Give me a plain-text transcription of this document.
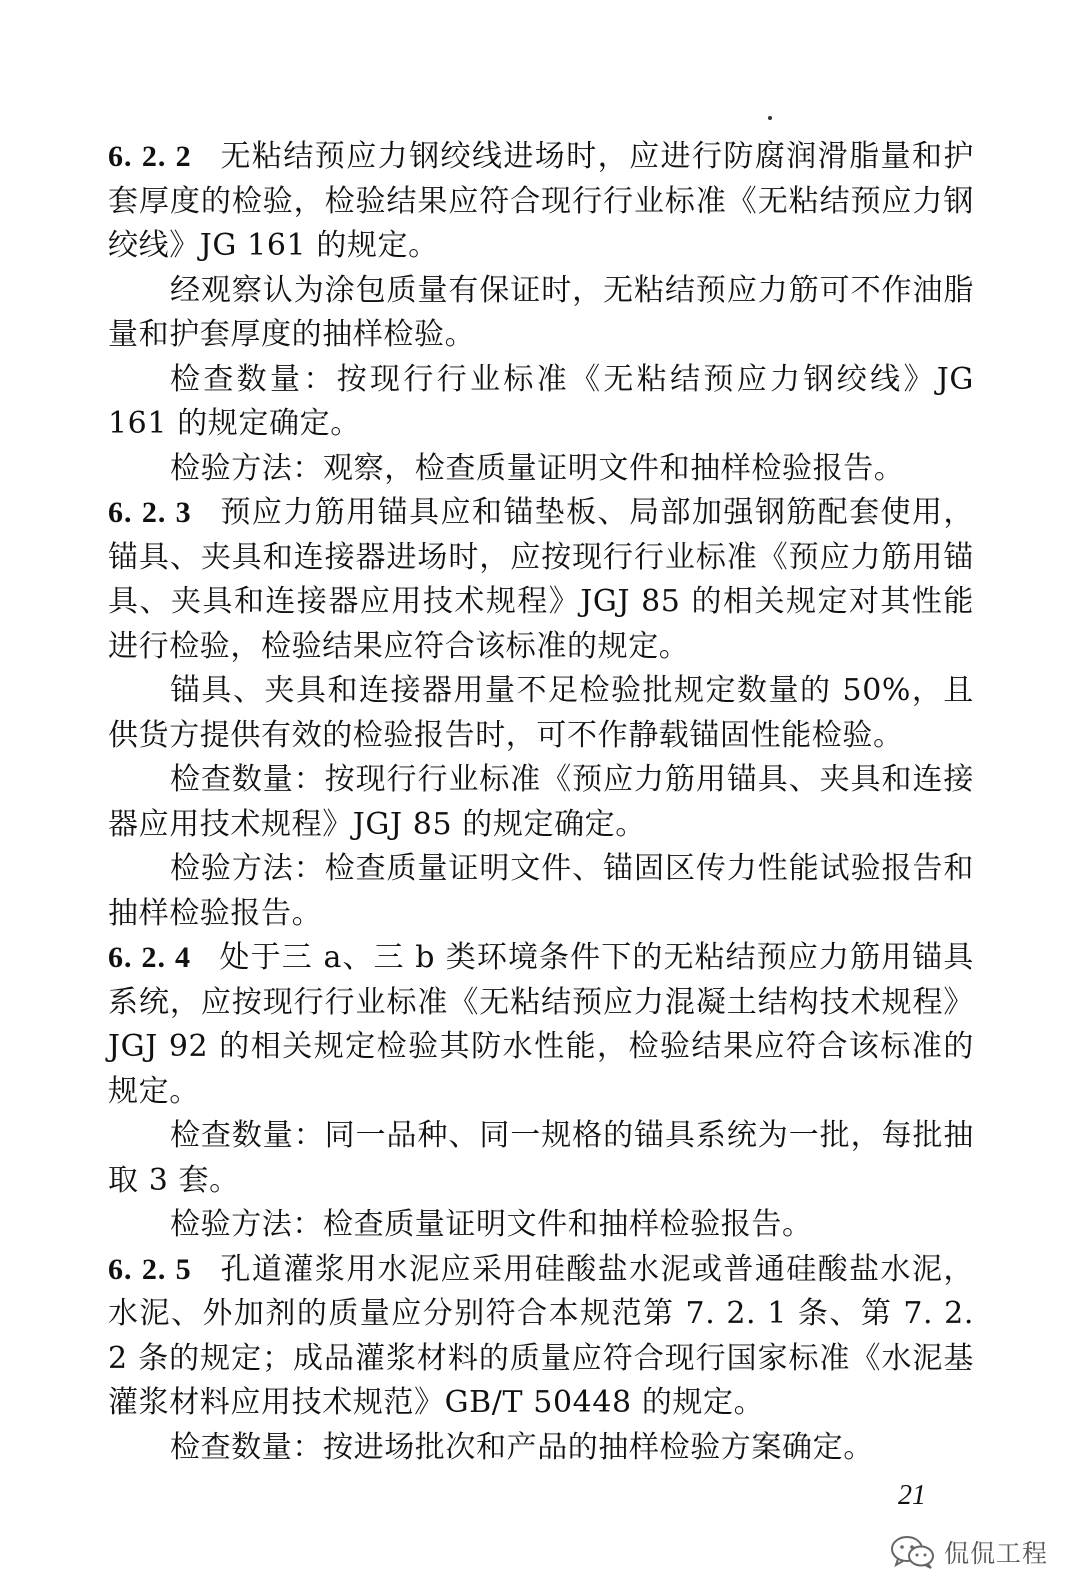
6. 2. 2 无粘结预应力钢绞线进场时，应进行防腐润滑脂量和护套厚度的检验，检验结果应符合现行行业标准《无粘结预应力钢绞线》JG 161 的规定。

经观察认为涂包质量有保证时，无粘结预应力筋可不作油脂量和护套厚度的抽样检验。

检查数量：按现行行业标准《无粘结预应力钢绞线》JG 161 的规定确定。

检验方法：观察，检查质量证明文件和抽样检验报告。

6. 2. 3 预应力筋用锚具应和锚垫板、局部加强钢筋配套使用，锚具、夹具和连接器进场时，应按现行行业标准《预应力筋用锚具、夹具和连接器应用技术规程》JGJ 85 的相关规定对其性能进行检验，检验结果应符合该标准的规定。

锚具、夹具和连接器用量不足检验批规定数量的 50%，且供货方提供有效的检验报告时，可不作静载锚固性能检验。

检查数量：按现行行业标准《预应力筋用锚具、夹具和连接器应用技术规程》JGJ 85 的规定确定。

检验方法：检查质量证明文件、锚固区传力性能试验报告和抽样检验报告。

6. 2. 4 处于三 a、三 b 类环境条件下的无粘结预应力筋用锚具系统，应按现行行业标准《无粘结预应力混凝土结构技术规程》JGJ 92 的相关规定检验其防水性能，检验结果应符合该标准的规定。

检查数量：同一品种、同一规格的锚具系统为一批，每批抽取 3 套。

检验方法：检查质量证明文件和抽样检验报告。

6. 2. 5 孔道灌浆用水泥应采用硅酸盐水泥或普通硅酸盐水泥，水泥、外加剂的质量应分别符合本规范第 7. 2. 1 条、第 7. 2. 2 条的规定；成品灌浆材料的质量应符合现行国家标准《水泥基灌浆材料应用技术规范》GB/T 50448 的规定。

检查数量：按进场批次和产品的抽样检验方案确定。

21
侃侃工程
